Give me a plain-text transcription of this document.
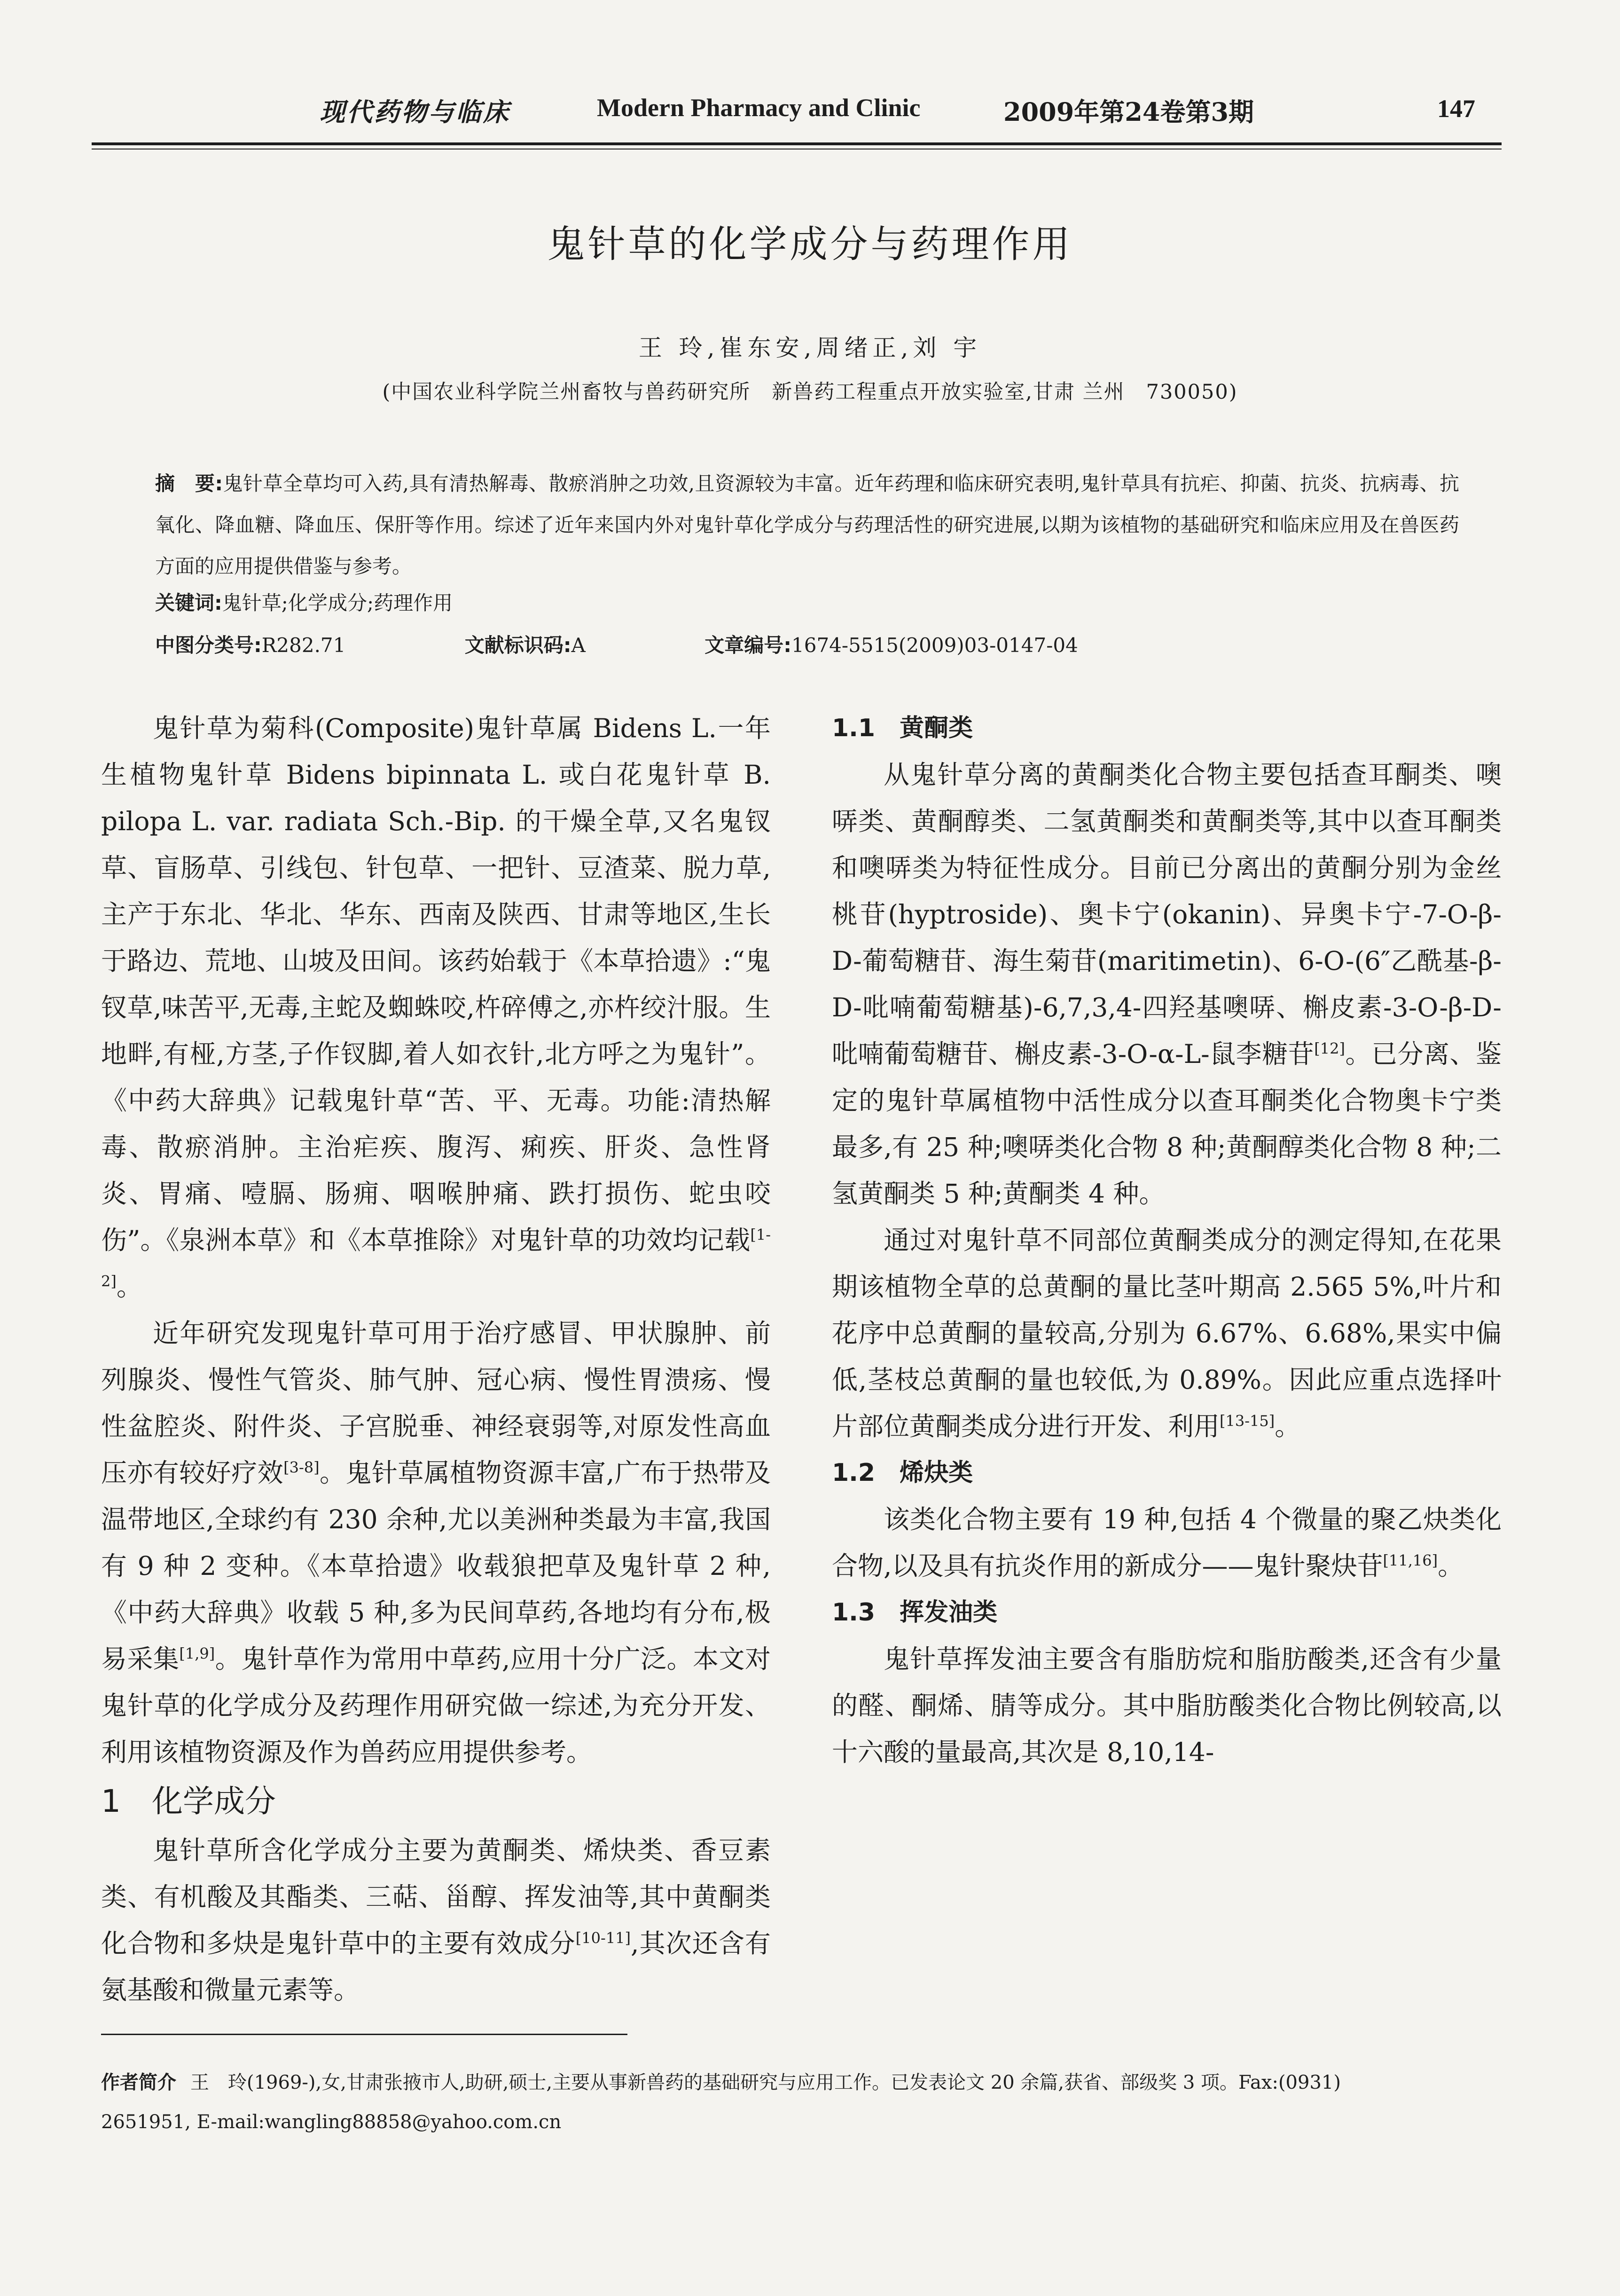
现代药物与临床	Modern Pharmacy and Clinic	2009年第24卷第3期	147
鬼针草的化学成分与药理作用
王 玲,崔东安,周绪正,刘 宇
(中国农业科学院兰州畜牧与兽药研究所　新兽药工程重点开放实验室,甘肃 兰州　730050)
摘　要:鬼针草全草均可入药,具有清热解毒、散瘀消肿之功效,且资源较为丰富。近年药理和临床研究表明,鬼针草具有抗疟、抑菌、抗炎、抗病毒、抗氧化、降血糖、降血压、保肝等作用。综述了近年来国内外对鬼针草化学成分与药理活性的研究进展,以期为该植物的基础研究和临床应用及在兽医药方面的应用提供借鉴与参考。
关键词:鬼针草;化学成分;药理作用
中图分类号:R282.71	文献标识码:A	文章编号:1674-5515(2009)03-0147-04

鬼针草为菊科(Composite)鬼针草属 Bidens L.一年生植物鬼针草 Bidens bipinnata L. 或白花鬼针草 B. pilopa L. var. radiata Sch.-Bip. 的干燥全草,又名鬼钗草、盲肠草、引线包、针包草、一把针、豆渣菜、脱力草,主产于东北、华北、华东、西南及陕西、甘肃等地区,生长于路边、荒地、山坡及田间。该药始载于《本草拾遗》:“鬼钗草,味苦平,无毒,主蛇及蜘蛛咬,杵碎傅之,亦杵绞汁服。生地畔,有桠,方茎,子作钗脚,着人如衣针,北方呼之为鬼针”。《中药大辞典》记载鬼针草“苦、平、无毒。功能:清热解毒、散瘀消肿。主治疟疾、腹泻、痢疾、肝炎、急性肾炎、胃痛、噎膈、肠痈、咽喉肿痛、跌打损伤、蛇虫咬伤”。《泉洲本草》和《本草推除》对鬼针草的功效均记载[1-2]。

近年研究发现鬼针草可用于治疗感冒、甲状腺肿、前列腺炎、慢性气管炎、肺气肿、冠心病、慢性胃溃疡、慢性盆腔炎、附件炎、子宫脱垂、神经衰弱等,对原发性高血压亦有较好疗效[3-8]。鬼针草属植物资源丰富,广布于热带及温带地区,全球约有 230 余种,尤以美洲种类最为丰富,我国有 9 种 2 变种。《本草拾遗》收载狼把草及鬼针草 2 种,《中药大辞典》收载 5 种,多为民间草药,各地均有分布,极易采集[1,9]。鬼针草作为常用中草药,应用十分广泛。本文对鬼针草的化学成分及药理作用研究做一综述,为充分开发、利用该植物资源及作为兽药应用提供参考。

1　化学成分

鬼针草所含化学成分主要为黄酮类、烯炔类、香豆素类、有机酸及其酯类、三萜、甾醇、挥发油等,其中黄酮类化合物和多炔是鬼针草中的主要有效成分[10-11],其次还含有氨基酸和微量元素等。

1.1　黄酮类

从鬼针草分离的黄酮类化合物主要包括查耳酮类、噢哢类、黄酮醇类、二氢黄酮类和黄酮类等,其中以查耳酮类和噢哢类为特征性成分。目前已分离出的黄酮分别为金丝桃苷(hyptroside)、奥卡宁(okanin)、异奥卡宁-7-O-β-D-葡萄糖苷、海生菊苷(maritimetin)、6-O-(6″乙酰基-β-D-吡喃葡萄糖基)-6,7,3,4-四羟基噢哢、槲皮素-3-O-β-D-吡喃葡萄糖苷、槲皮素-3-O-α-L-鼠李糖苷[12]。已分离、鉴定的鬼针草属植物中活性成分以查耳酮类化合物奥卡宁类最多,有 25 种;噢哢类化合物 8 种;黄酮醇类化合物 8 种;二氢黄酮类 5 种;黄酮类 4 种。

通过对鬼针草不同部位黄酮类成分的测定得知,在花果期该植物全草的总黄酮的量比茎叶期高 2.565 5%,叶片和花序中总黄酮的量较高,分别为 6.67%、6.68%,果实中偏低,茎枝总黄酮的量也较低,为 0.89%。因此应重点选择叶片部位黄酮类成分进行开发、利用[13-15]。

1.2　烯炔类

该类化合物主要有 19 种,包括 4 个微量的聚乙炔类化合物,以及具有抗炎作用的新成分——鬼针聚炔苷[11,16]。

1.3　挥发油类

鬼针草挥发油主要含有脂肪烷和脂肪酸类,还含有少量的醛、酮烯、腈等成分。其中脂肪酸类化合物比例较高,以十六酸的量最高,其次是 8,10,14-

作者简介 王　玲(1969-),女,甘肃张掖市人,助研,硕士,主要从事新兽药的基础研究与应用工作。已发表论文 20 余篇,获省、部级奖 3 项。Fax:(0931) 2651951, E-mail:wangling88858@yahoo.com.cn
